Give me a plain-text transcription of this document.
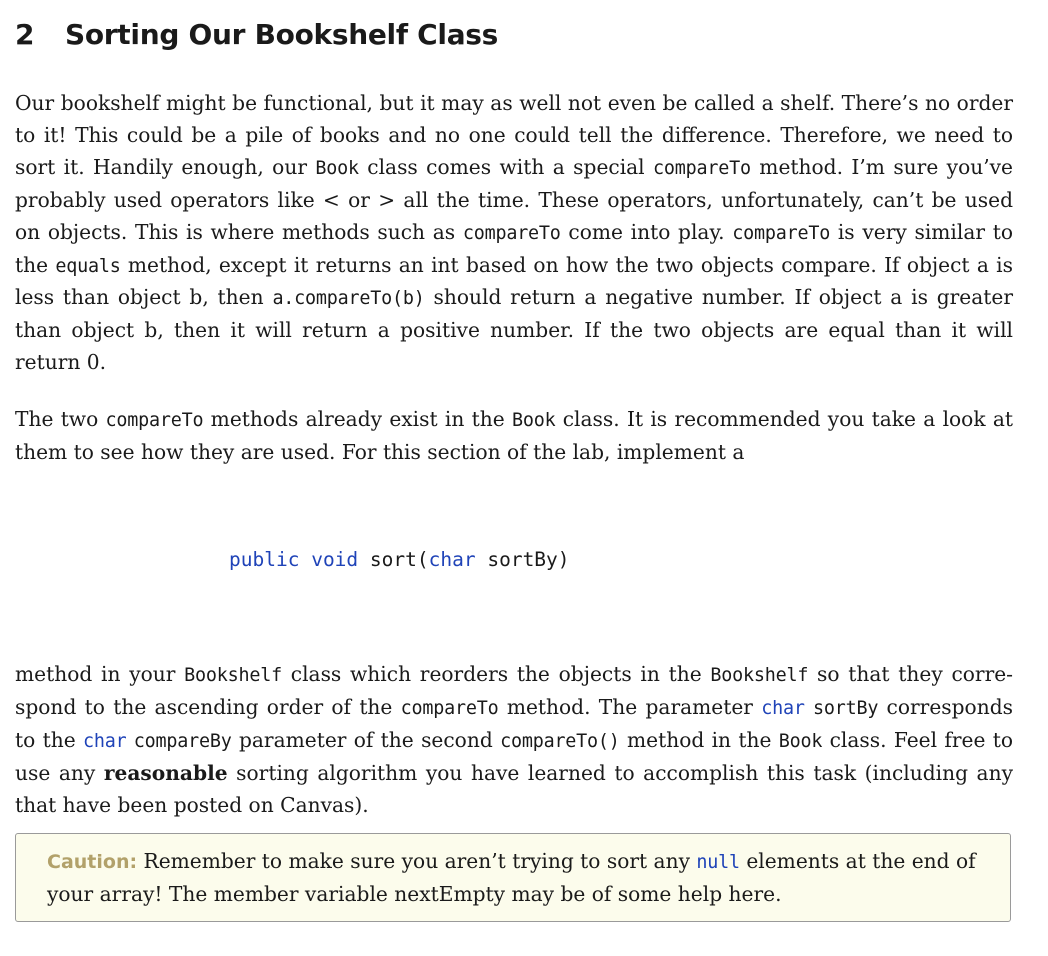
2 Sorting Our Bookshelf Class
Our bookshelf might be functional, but it may as well not even be called a shelf. There’s no order to it! This could be a pile of books and no one could tell the difference. Therefore, we need to sort it. Handily enough, our Book class comes with a special compareTo method. I’m sure you’ve probably used operators like < or > all the time. These operators, unfortunately, can’t be used on objects. This is where methods such as compareTo come into play. compareTo is very similar to the equals method, except it returns an int based on how the two objects compare. If object a is less than object b, then a.compareTo(b) should return a negative number. If object a is greater than object b, then it will return a positive number. If the two objects are equal than it will return 0.
The two compareTo methods already exist in the Book class. It is recommended you take a look at them to see how they are used. For this section of the lab, implement a
public void sort(char sortBy)
method in your Bookshelf class which reorders the objects in the Bookshelf so that they corre-spond to the ascending order of the compareTo method. The parameter char sortBy corresponds to the char compareBy parameter of the second compareTo() method in the Book class. Feel free to use any reasonable sorting algorithm you have learned to accomplish this task (including any that have been posted on Canvas).
Caution: Remember to make sure you aren’t trying to sort any null elements at the end of your array! The member variable nextEmpty may be of some help here.
